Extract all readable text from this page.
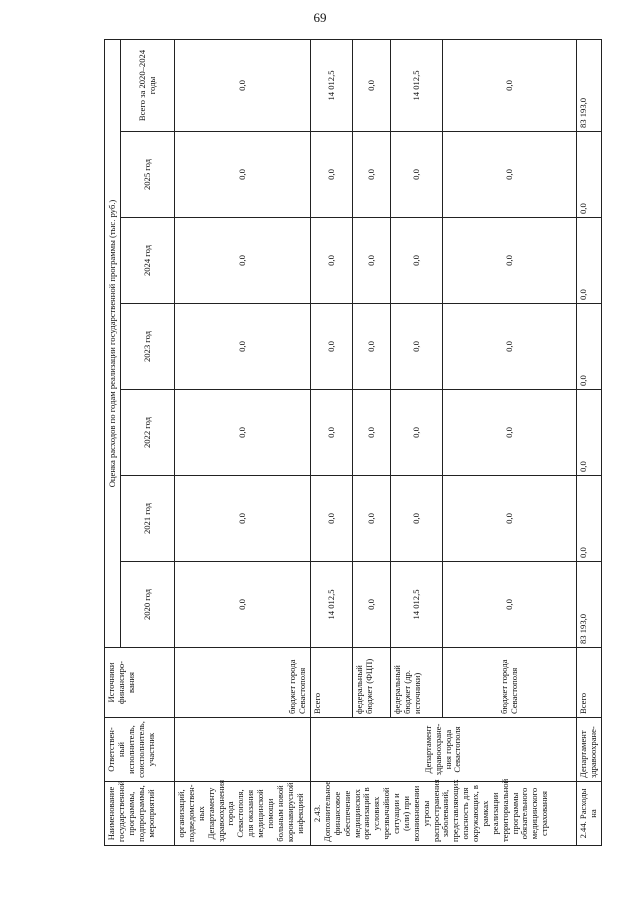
69
Наименование государственной программы, подпрограммы, мероприятий	Ответствен-ный исполнитель, соисполнитель, участник	Источники финансиро-вания	Оценка расходов по годам реализации государственной программы (тыс. руб.)						
			2020 год	2021 год	2022 год	2023 год	2024 год	2025 год	Всего за 2020–2024 годы
организаций, подведомствен-ных Департаменту здравоохранения города Севастополя, для оказания медицинской помощи больным новой коронавирусной инфекцией		бюджет города Севастополя	0,0	0,0	0,0	0,0	0,0	0,0	0,0
2.43. Дополнительное финансовое обеспечение медицинских организаций в условиях чрезвычайной ситуации и (или) при возникновении угрозы распространения заболеваний, представляющих опасность для окружающих, в рамках реализации территориальной программы обязательного медицинского страхования	Департамент здравоохране-ния города Севастополя	Всего	14 012,5	0,0	0,0	0,0	0,0	0,0	14 012,5
		федеральный бюджет (ФЦП)	0,0	0,0	0,0	0,0	0,0	0,0	0,0
		федеральный бюджет (др. источники)	14 012,5	0,0	0,0	0,0	0,0	0,0	14 012,5
		бюджет города Севастополя	0,0	0,0	0,0	0,0	0,0	0,0	0,0
2.44. Расходы на	Департамент здравоохране-	Всего	83 193,0	0,0	0,0	0,0	0,0	0,0	83 193,0
